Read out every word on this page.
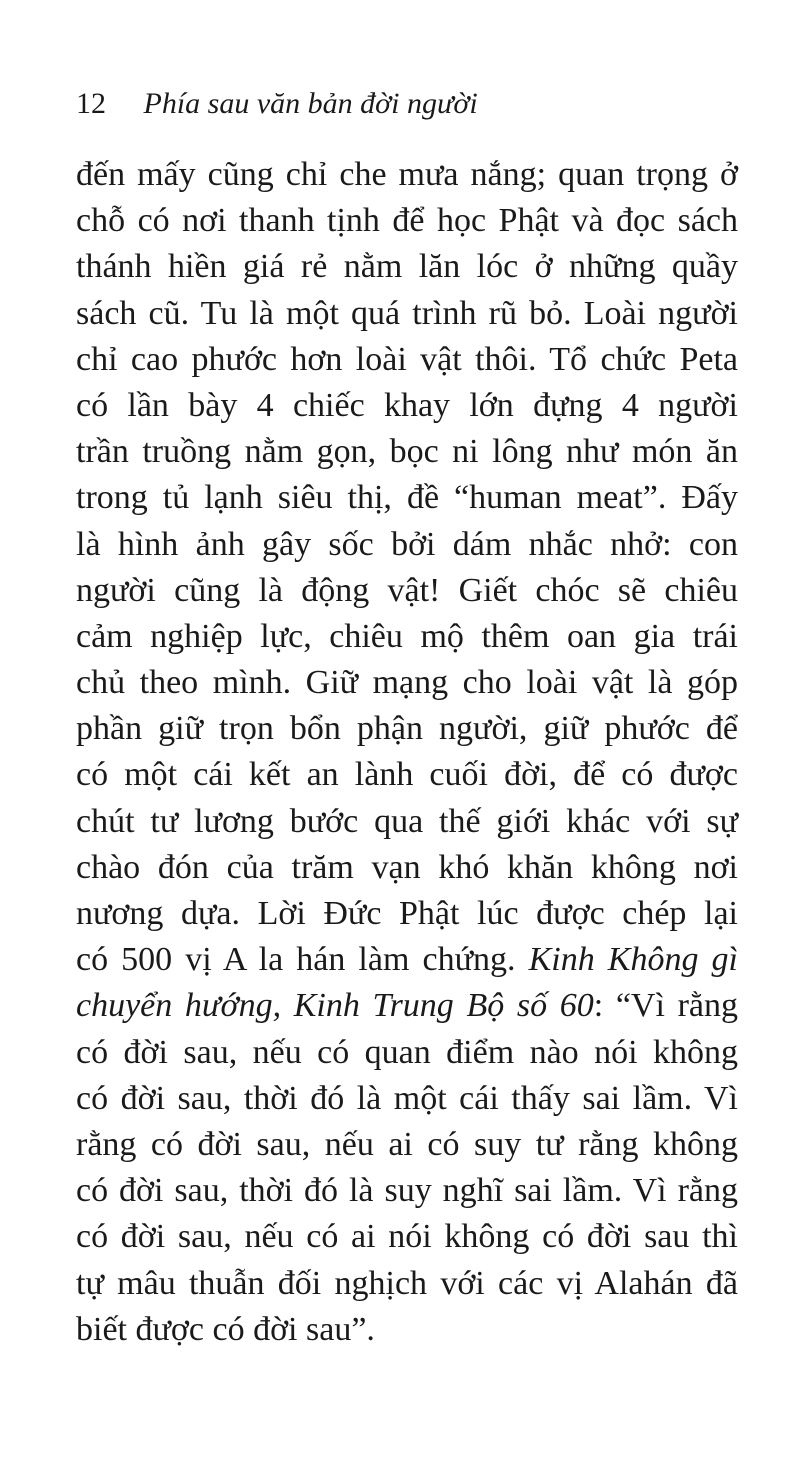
12 Phía sau văn bản đời người
đến mấy cũng chỉ che mưa nắng; quan trọng ở
chỗ có nơi thanh tịnh để học Phật và đọc sách
thánh hiền giá rẻ nằm lăn lóc ở những quầy
sách cũ. Tu là một quá trình rũ bỏ. Loài người
chỉ cao phước hơn loài vật thôi. Tổ chức Peta
có lần bày 4 chiếc khay lớn đựng 4 người
trần truồng nằm gọn, bọc ni lông như món ăn
trong tủ lạnh siêu thị, đề “human meat”. Đấy
là hình ảnh gây sốc bởi dám nhắc nhở: con
người cũng là động vật! Giết chóc sẽ chiêu
cảm nghiệp lực, chiêu mộ thêm oan gia trái
chủ theo mình. Giữ mạng cho loài vật là góp
phần giữ trọn bổn phận người, giữ phước để
có một cái kết an lành cuối đời, để có được
chút tư lương bước qua thế giới khác với sự
chào đón của trăm vạn khó khăn không nơi
nương dựa. Lời Đức Phật lúc được chép lại
có 500 vị A la hán làm chứng. Kinh Không gì
chuyển hướng, Kinh Trung Bộ số 60: “Vì rằng
có đời sau, nếu có quan điểm nào nói không
có đời sau, thời đó là một cái thấy sai lầm. Vì
rằng có đời sau, nếu ai có suy tư rằng không
có đời sau, thời đó là suy nghĩ sai lầm. Vì rằng
có đời sau, nếu có ai nói không có đời sau thì
tự mâu thuẫn đối nghịch với các vị Alahán đã
biết được có đời sau”.
